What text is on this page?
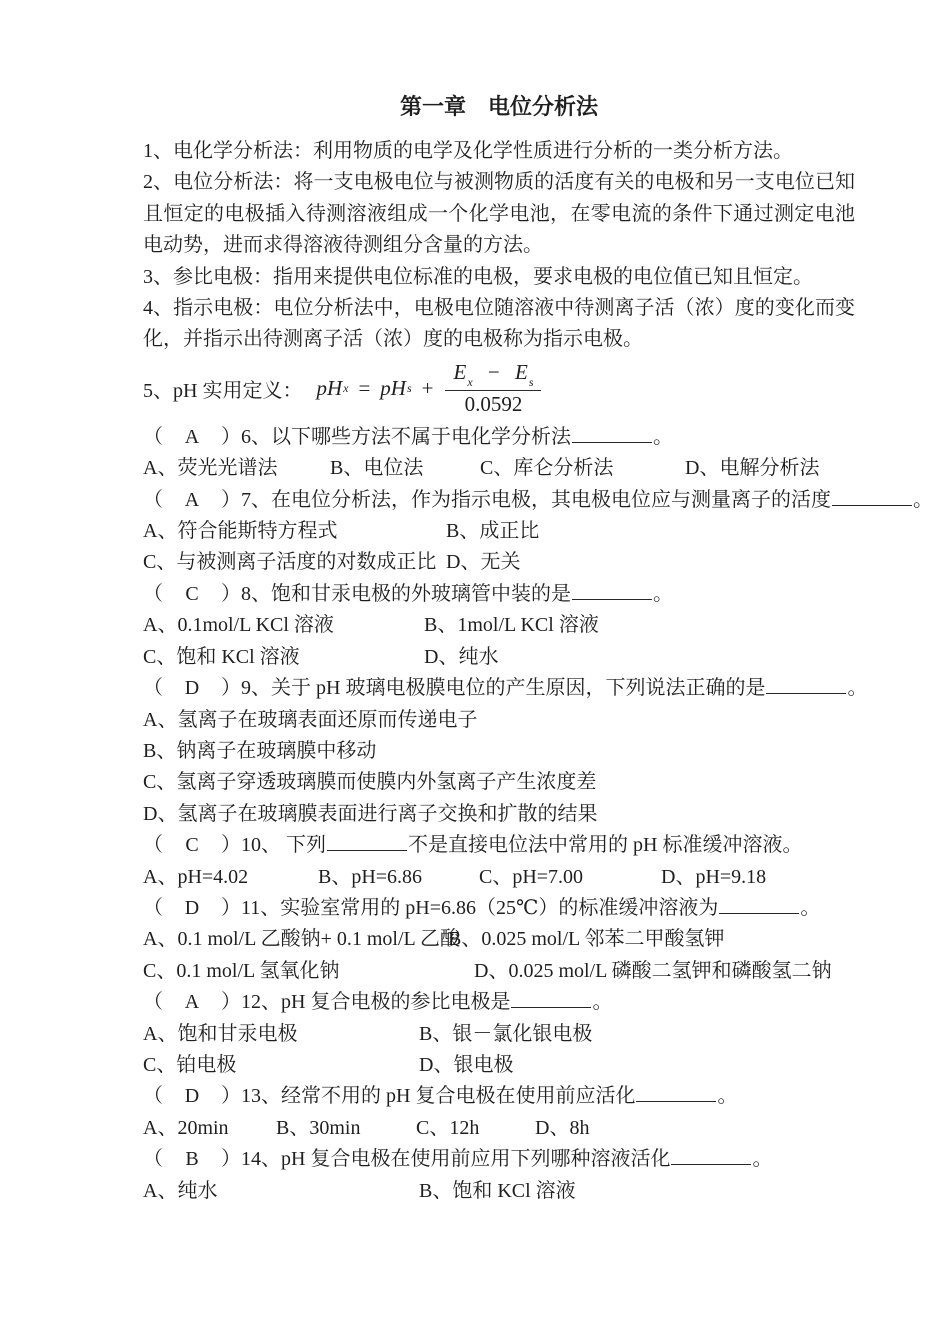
第一章　电位分析法

1、电化学分析法：利用物质的电学及化学性质进行分析的一类分析方法。

2、电位分析法：将一支电极电位与被测物质的活度有关的电极和另一支电位已知且恒定的电极插入待测溶液组成一个化学电池，在零电流的条件下通过测定电池电动势，进而求得溶液待测组分含量的方法。

3、参比电极：指用来提供电位标准的电极，要求电极的电位值已知且恒定。

4、指示电极：电位分析法中，电极电位随溶液中待测离子活（浓）度的变化而变化，并指示出待测离子活（浓）度的电极称为指示电极。

5、pH 实用定义： pH x = pH $s + \frac{E_x - E_s}{0.0592}$
（ A ）6、以下哪些方法不属于电化学分析法	。
A、荧光光谱法	B、电位法	C、库仑分析法	D、电解分析法
（ A ）7、在电位分析法，作为指示电极，其电极电位应与测量离子的活度	。
A、符合能斯特方程式	B、成正比
C、与被测离子活度的对数成正比 D、无关
（ C ）8、饱和甘汞电极的外玻璃管中装的是	。
A、0.1mol/L KCl 溶液	B、1mol/L KCl 溶液
C、饱和 KCl 溶液	D、纯水
（ D ）9、关于 pH 玻璃电极膜电位的产生原因，下列说法正确的是	。
A、氢离子在玻璃表面还原而传递电子
B、钠离子在玻璃膜中移动
C、氢离子穿透玻璃膜而使膜内外氢离子产生浓度差
D、氢离子在玻璃膜表面进行离子交换和扩散的结果
（ C ）10、 下列	不是直接电位法中常用的 pH 标准缓冲溶液。
A、pH=4.02	B、pH=6.86	C、pH=7.00	D、pH=9.18
（ D ）11、实验室常用的 pH=6.86（25℃）的标准缓冲溶液为	。
A、0.1 mol/L 乙酸钠+ 0.1 mol/L 乙酸
B、0.025 mol/L 邻苯二甲酸氢钾
C、0.1 mol/L 氢氧化钠	D、0.025 mol/L 磷酸二氢钾和磷酸氢二钠
（ A ）12、pH 复合电极的参比电极是	。
A、饱和甘汞电极	B、银－氯化银电极
C、铂电极	D、银电极
（ D ）13、经常不用的 pH 复合电极在使用前应活化	。
A、20min	B、30min	C、12h	D、8h
（ B ）14、pH 复合电极在使用前应用下列哪种溶液活化	。
A、纯水	B、饱和 KCl 溶液
